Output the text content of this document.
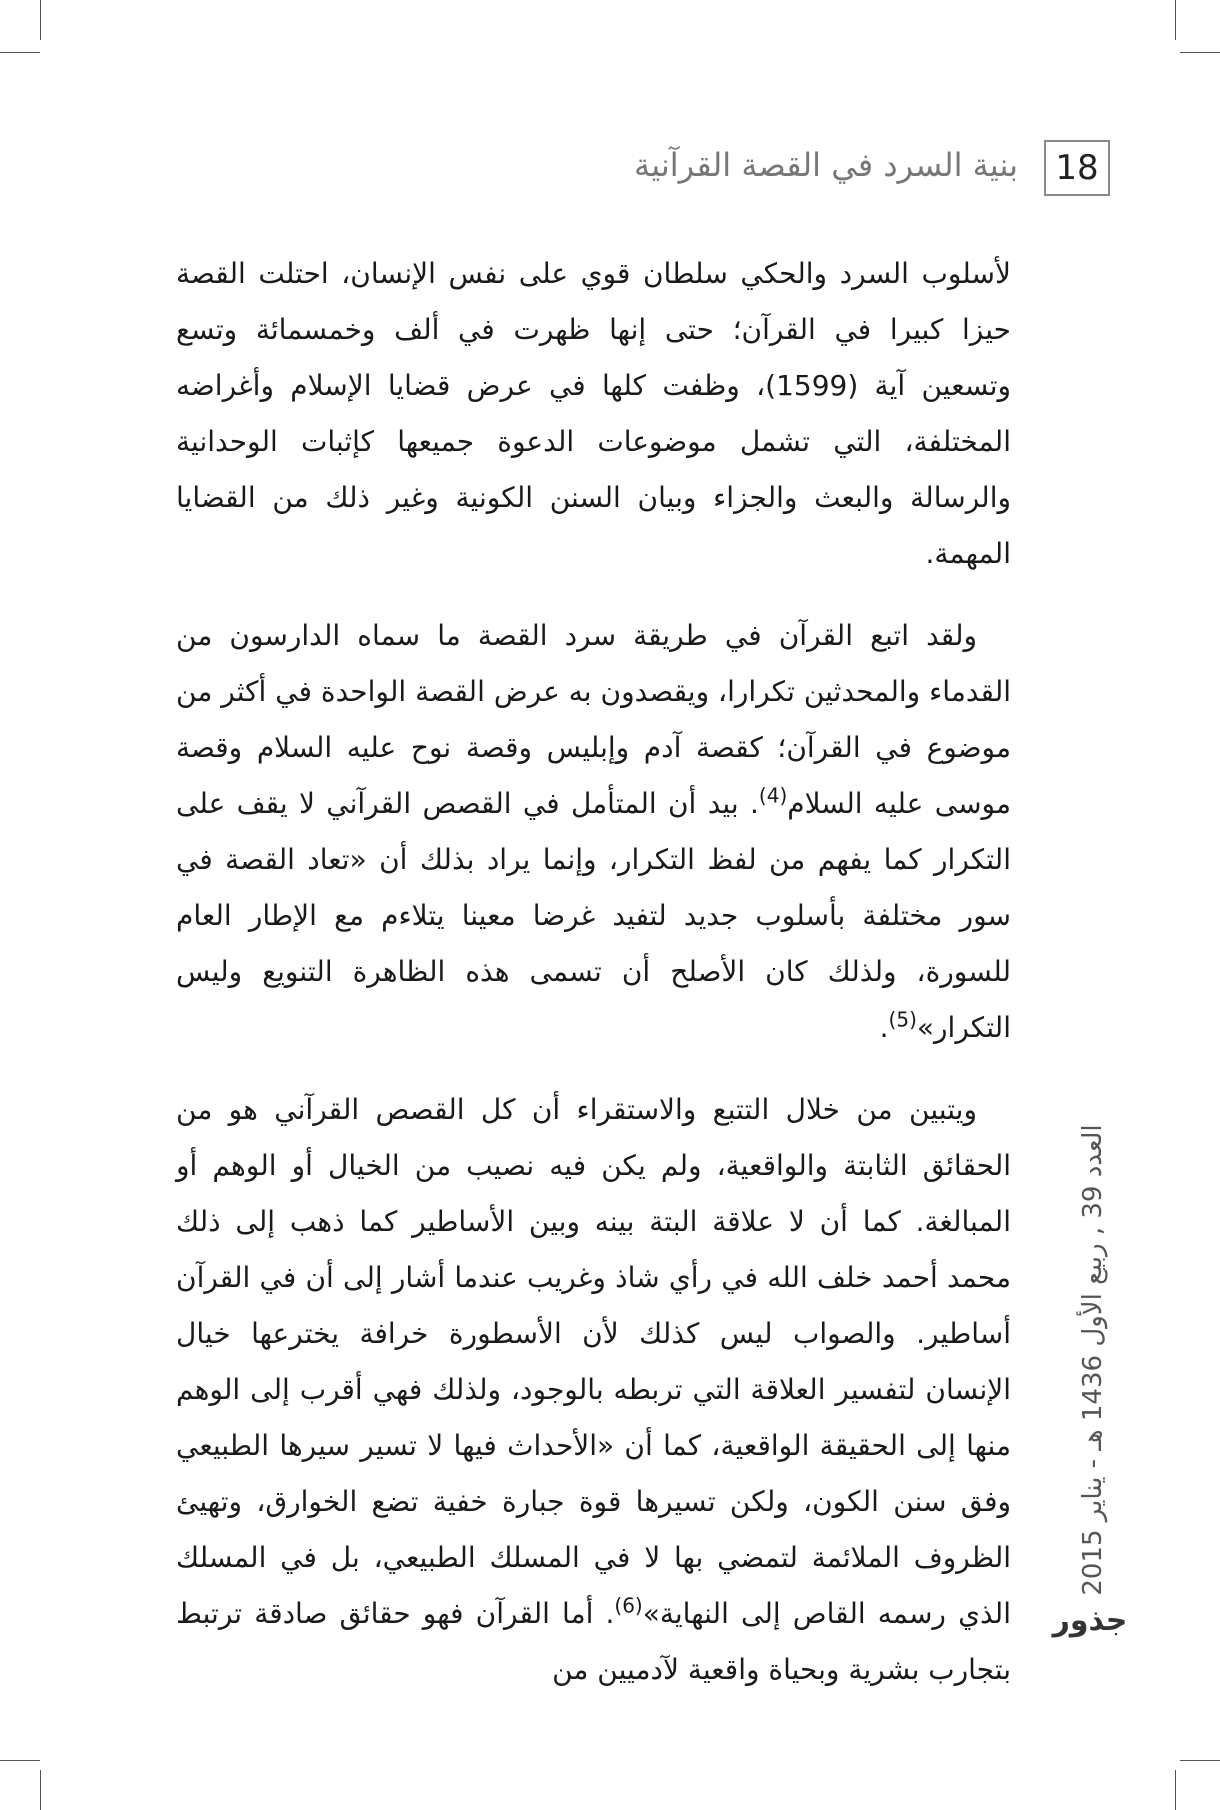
18
بنية السرد في القصة القرآنية

لأسلوب السرد والحكي سلطان قوي على نفس الإنسان، احتلت القصة حيزا كبيرا في القرآن؛ حتى إنها ظهرت في ألف وخمسمائة وتسع وتسعين آية (1599)، وظفت كلها في عرض قضايا الإسلام وأغراضه المختلفة، التي تشمل موضوعات الدعوة جميعها كإثبات الوحدانية والرسالة والبعث والجزاء وبيان السنن الكونية وغير ذلك من القضايا المهمة.

ولقد اتبع القرآن في طريقة سرد القصة ما سماه الدارسون من القدماء والمحدثين تكرارا، ويقصدون به عرض القصة الواحدة في أكثر من موضوع في القرآن؛ كقصة آدم وإبليس وقصة نوح عليه السلام وقصة موسى عليه السلام$^{(4)}$. بيد أن المتأمل في القصص القرآني لا يقف على التكرار كما يفهم من لفظ التكرار، وإنما يراد بذلك أن «تعاد القصة في سور مختلفة بأسلوب جديد لتفيد غرضا معينا يتلاءم مع الإطار العام للسورة، ولذلك كان الأصلح أن تسمى هذه الظاهرة التنويع وليس التكرار»$^{(5)}$.

ويتبين من خلال التتبع والاستقراء أن كل القصص القرآني هو من الحقائق الثابتة والواقعية، ولم يكن فيه نصيب من الخيال أو الوهم أو المبالغة. كما أن لا علاقة البتة بينه وبين الأساطير كما ذهب إلى ذلك محمد أحمد خلف الله في رأي شاذ وغريب عندما أشار إلى أن في القرآن أساطير. والصواب ليس كذلك لأن الأسطورة خرافة يخترعها خيال الإنسان لتفسير العلاقة التي تربطه بالوجود، ولذلك فهي أقرب إلى الوهم منها إلى الحقيقة الواقعية، كما أن «الأحداث فيها لا تسير سيرها الطبيعي وفق سنن الكون، ولكن تسيرها قوة جبارة خفية تضع الخوارق، وتهيئ الظروف الملائمة لتمضي بها لا في المسلك الطبيعي، بل في المسلك الذي رسمه القاص إلى النهاية»$^{(6)}$. أما القرآن فهو حقائق صادقة ترتبط بتجارب بشرية وبحياة واقعية لآدميين من

العدد 39 , ربيع الأول 1436 هـ - يناير 2015
جذور
